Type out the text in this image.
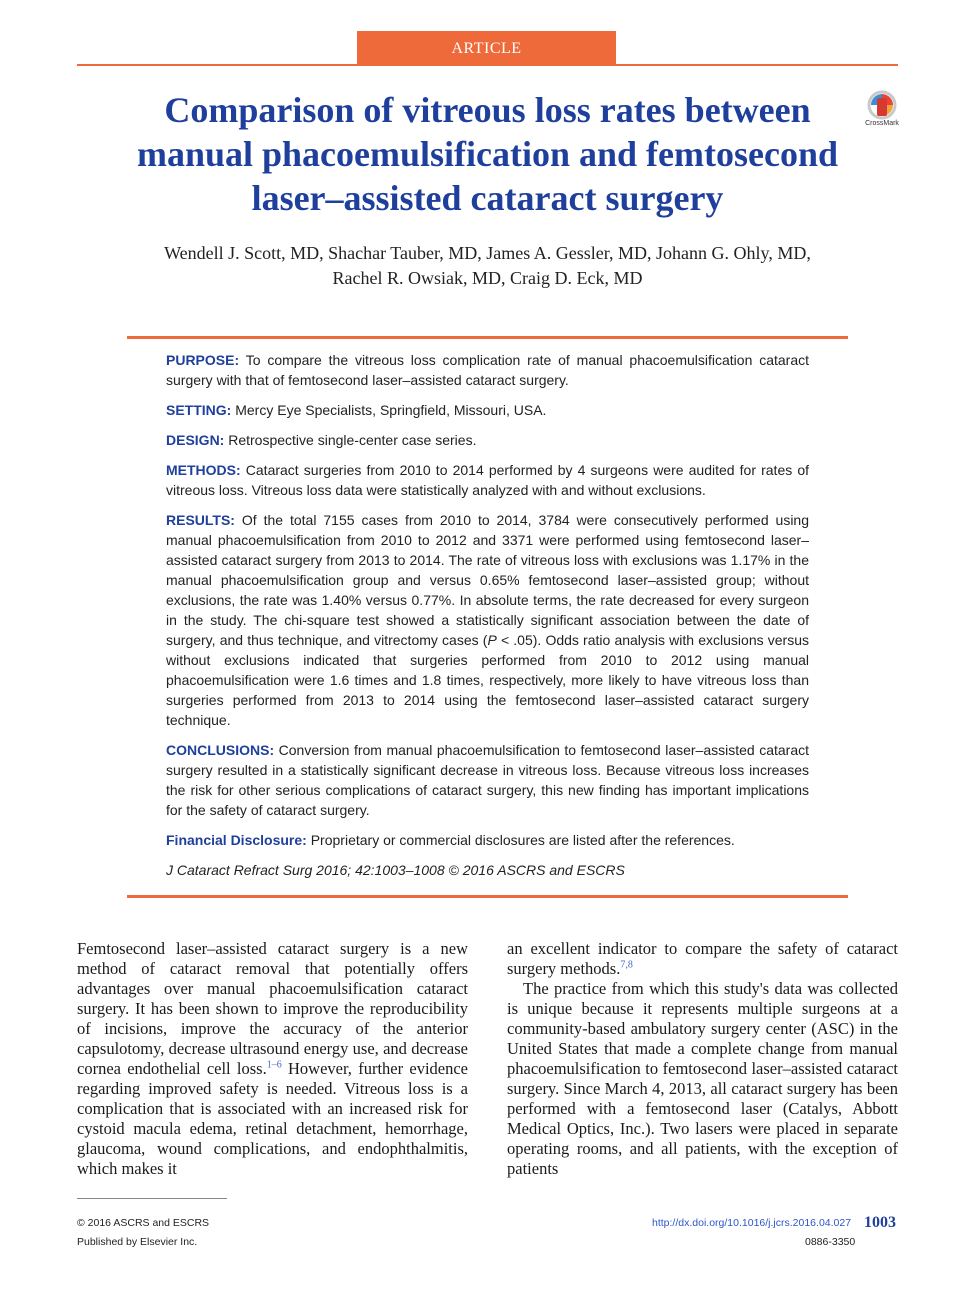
ARTICLE
Comparison of vitreous loss rates between manual phacoemulsification and femtosecond laser–assisted cataract surgery
CrossMark
Wendell J. Scott, MD, Shachar Tauber, MD, James A. Gessler, MD, Johann G. Ohly, MD,
Rachel R. Owsiak, MD, Craig D. Eck, MD

PURPOSE: To compare the vitreous loss complication rate of manual phacoemulsification cataract surgery with that of femtosecond laser–assisted cataract surgery.

SETTING: Mercy Eye Specialists, Springfield, Missouri, USA.

DESIGN: Retrospective single-center case series.

METHODS: Cataract surgeries from 2010 to 2014 performed by 4 surgeons were audited for rates of vitreous loss. Vitreous loss data were statistically analyzed with and without exclusions.

RESULTS: Of the total 7155 cases from 2010 to 2014, 3784 were consecutively performed using manual phacoemulsification from 2010 to 2012 and 3371 were performed using femtosecond laser–assisted cataract surgery from 2013 to 2014. The rate of vitreous loss with exclusions was 1.17% in the manual phacoemulsification group and versus 0.65% femtosecond laser–assisted group; without exclusions, the rate was 1.40% versus 0.77%. In absolute terms, the rate decreased for every surgeon in the study. The chi-square test showed a statistically significant association between the date of surgery, and thus technique, and vitrectomy cases (P < .05). Odds ratio analysis with exclusions versus without exclusions indicated that surgeries performed from 2010 to 2012 using manual phacoemulsification were 1.6 times and 1.8 times, respectively, more likely to have vitreous loss than surgeries performed from 2013 to 2014 using the femtosecond laser–assisted cataract surgery technique.

CONCLUSIONS: Conversion from manual phacoemulsification to femtosecond laser–assisted cataract surgery resulted in a statistically significant decrease in vitreous loss. Because vitreous loss increases the risk for other serious complications of cataract surgery, this new finding has important implications for the safety of cataract surgery.

Financial Disclosure: Proprietary or commercial disclosures are listed after the references.

J Cataract Refract Surg 2016; 42:1003–1008 © 2016 ASCRS and ESCRS

Femtosecond laser–assisted cataract surgery is a new method of cataract removal that potentially offers advantages over manual phacoemulsification cataract surgery. It has been shown to improve the reproducibility of incisions, improve the accuracy of the anterior capsulotomy, decrease ultrasound energy use, and decrease cornea endothelial cell loss.$^{1-6}$ However, further evidence regarding improved safety is needed. Vitreous loss is a complication that is associated with an increased risk for cystoid macula edema, retinal detachment, hemorrhage, glaucoma, wound complications, and endophthalmitis, which makes it

an excellent indicator to compare the safety of cataract surgery methods.$^{7,8}$

The practice from which this study's data was collected is unique because it represents multiple surgeons at a community-based ambulatory surgery center (ASC) in the United States that made a complete change from manual phacoemulsification to femtosecond laser–assisted cataract surgery. Since March 4, 2013, all cataract surgery has been performed with a femtosecond laser (Catalys, Abbott Medical Optics, Inc.). Two lasers were placed in separate operating rooms, and all patients, with the exception of patients

© 2016 ASCRS and ESCRS
Published by Elsevier Inc.
http://dx.doi.org/10.1016/j.jcrs.2016.04.027
0886-3350
1003
